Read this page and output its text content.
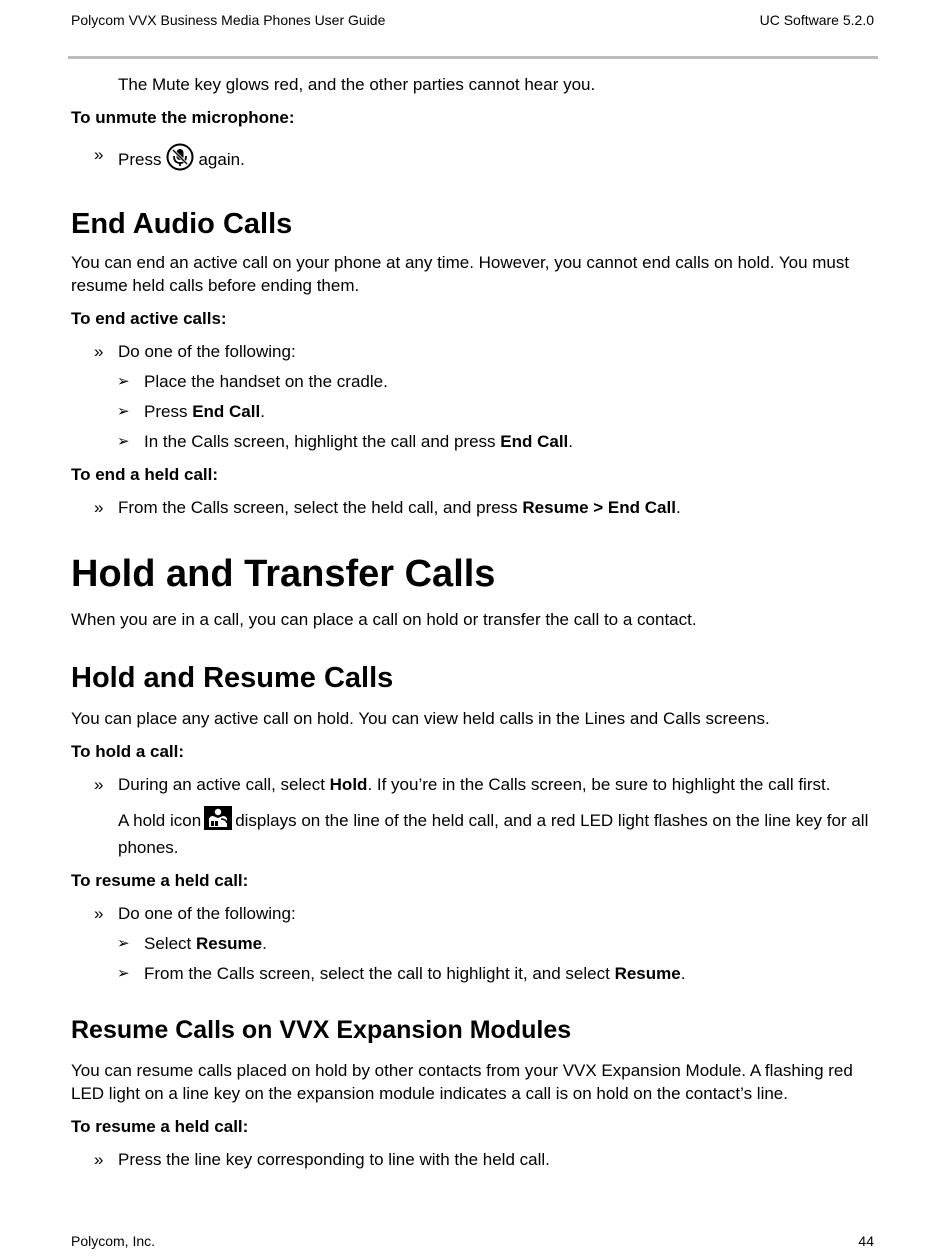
Polycom VVX Business Media Phones User Guide	UC Software 5.2.0

The Mute key glows red, and the other parties cannot hear you.

To unmute the microphone:

» Press again.

End Audio Calls

You can end an active call on your phone at any time. However, you cannot end calls on hold. You must resume held calls before ending them.

To end active calls:

» Do one of the following:

➢ Place the handset on the cradle.

➢ Press End Call.

➢ In the Calls screen, highlight the call and press End Call.

To end a held call:

» From the Calls screen, select the held call, and press Resume > End Call.

Hold and Transfer Calls

When you are in a call, you can place a call on hold or transfer the call to a contact.

Hold and Resume Calls

You can place any active call on hold. You can view held calls in the Lines and Calls screens.

To hold a call:

» During an active call, select Hold. If you’re in the Calls screen, be sure to highlight the call first.

A hold icon displays on the line of the held call, and a red LED light flashes on the line key for all phones.

To resume a held call:

» Do one of the following:

➢ Select Resume.

➢ From the Calls screen, select the call to highlight it, and select Resume.

Resume Calls on VVX Expansion Modules

You can resume calls placed on hold by other contacts from your VVX Expansion Module. A flashing red LED light on a line key on the expansion module indicates a call is on hold on the contact’s line.

To resume a held call:

» Press the line key corresponding to line with the held call.

Polycom, Inc.	44
